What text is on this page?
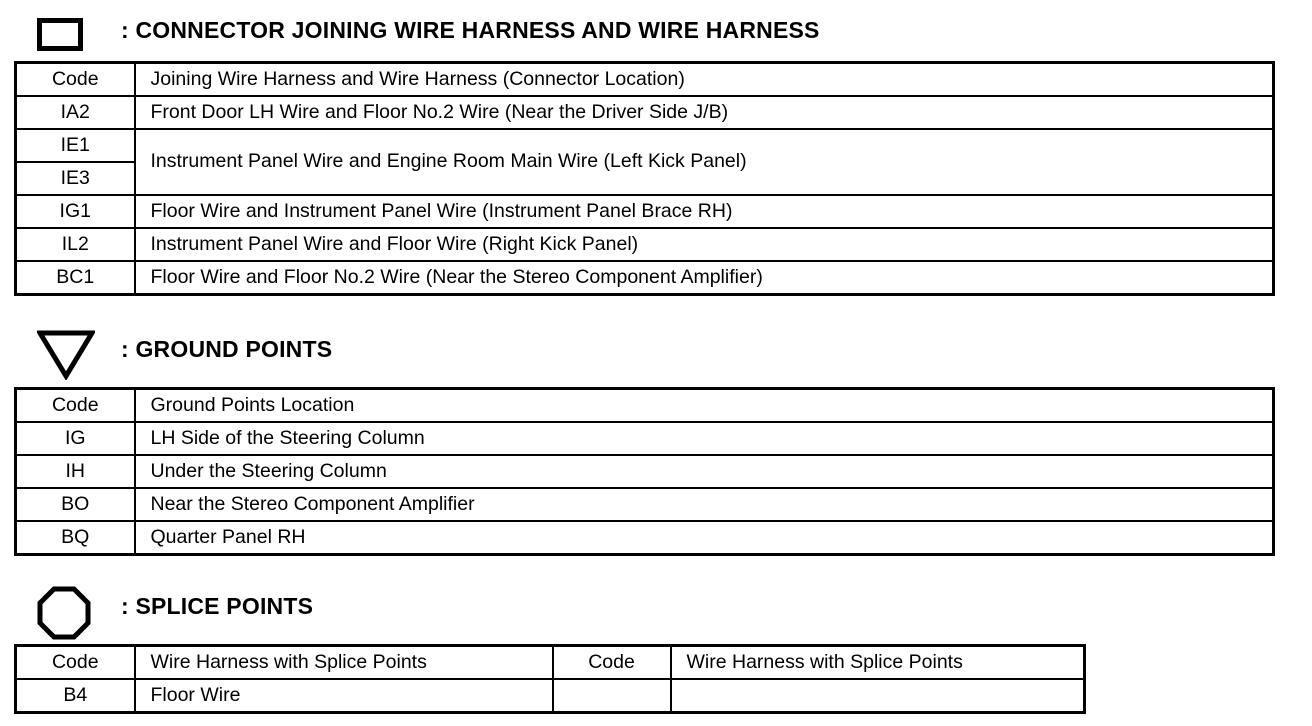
: CONNECTOR JOINING WIRE HARNESS AND WIRE HARNESS
Code	Joining Wire Harness and Wire Harness (Connector Location)
IA2	Front Door LH Wire and Floor No.2 Wire (Near the Driver Side J/B)
IE1	Instrument Panel Wire and Engine Room Main Wire (Left Kick Panel)
IE3	
IG1	Floor Wire and Instrument Panel Wire (Instrument Panel Brace RH)
IL2	Instrument Panel Wire and Floor Wire (Right Kick Panel)
BC1	Floor Wire and Floor No.2 Wire (Near the Stereo Component Amplifier)
: GROUND POINTS
Code	Ground Points Location
IG	LH Side of the Steering Column
IH	Under the Steering Column
BO	Near the Stereo Component Amplifier
BQ	Quarter Panel RH
: SPLICE POINTS
Code	Wire Harness with Splice Points	Code	Wire Harness with Splice Points
B4	Floor Wire		
